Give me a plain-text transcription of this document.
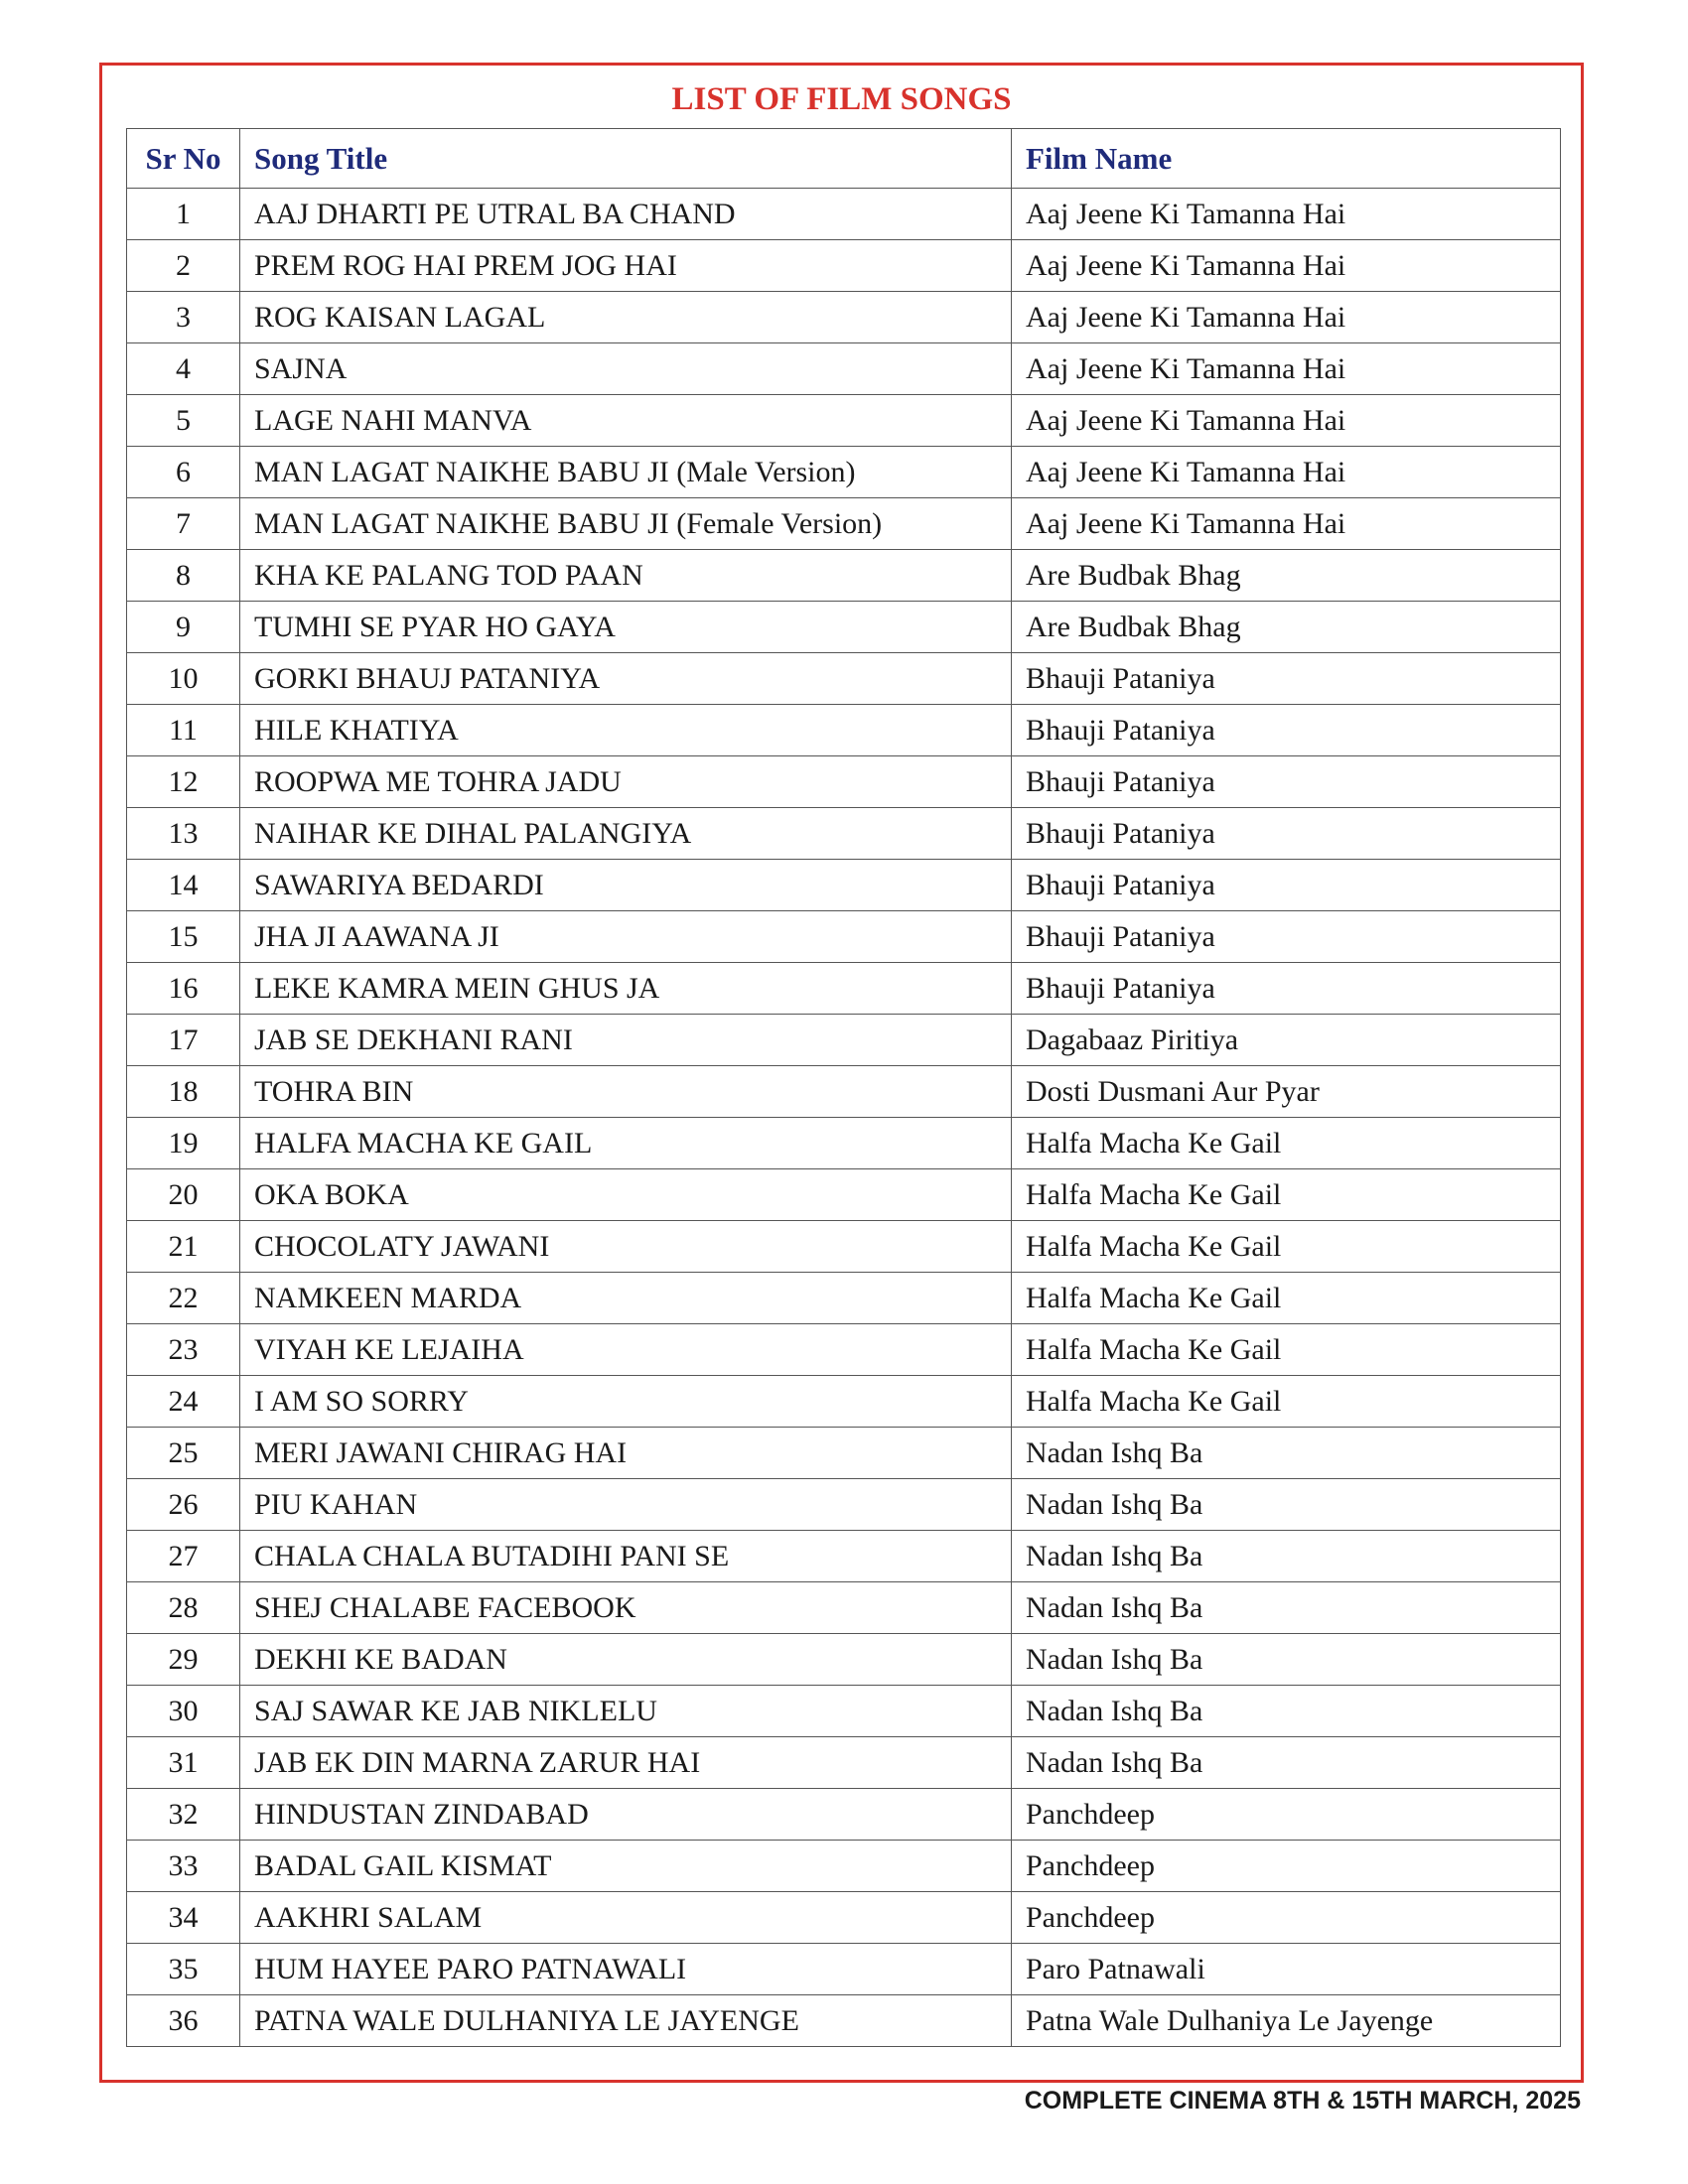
LIST OF FILM SONGS
Sr No	Song Title	Film Name
1	AAJ DHARTI PE UTRAL BA CHAND	Aaj Jeene Ki Tamanna Hai
2	PREM ROG HAI PREM JOG HAI	Aaj Jeene Ki Tamanna Hai
3	ROG KAISAN LAGAL	Aaj Jeene Ki Tamanna Hai
4	SAJNA	Aaj Jeene Ki Tamanna Hai
5	LAGE NAHI MANVA	Aaj Jeene Ki Tamanna Hai
6	MAN LAGAT NAIKHE BABU JI (Male Version)	Aaj Jeene Ki Tamanna Hai
7	MAN LAGAT NAIKHE BABU JI (Female Version)	Aaj Jeene Ki Tamanna Hai
8	KHA KE PALANG TOD PAAN	Are Budbak Bhag
9	TUMHI SE PYAR HO GAYA	Are Budbak Bhag
10	GORKI BHAUJ PATANIYA	Bhauji Pataniya
11	HILE KHATIYA	Bhauji Pataniya
12	ROOPWA ME TOHRA JADU	Bhauji Pataniya
13	NAIHAR KE DIHAL PALANGIYA	Bhauji Pataniya
14	SAWARIYA BEDARDI	Bhauji Pataniya
15	JHA JI AAWANA JI	Bhauji Pataniya
16	LEKE KAMRA MEIN GHUS JA	Bhauji Pataniya
17	JAB SE DEKHANI RANI	Dagabaaz Piritiya
18	TOHRA BIN	Dosti Dusmani Aur Pyar
19	HALFA MACHA KE GAIL	Halfa Macha Ke Gail
20	OKA BOKA	Halfa Macha Ke Gail
21	CHOCOLATY JAWANI	Halfa Macha Ke Gail
22	NAMKEEN MARDA	Halfa Macha Ke Gail
23	VIYAH KE LEJAIHA	Halfa Macha Ke Gail
24	I AM SO SORRY	Halfa Macha Ke Gail
25	MERI JAWANI CHIRAG HAI	Nadan Ishq Ba
26	PIU KAHAN	Nadan Ishq Ba
27	CHALA CHALA BUTADIHI PANI SE	Nadan Ishq Ba
28	SHEJ CHALABE FACEBOOK	Nadan Ishq Ba
29	DEKHI KE BADAN	Nadan Ishq Ba
30	SAJ SAWAR KE JAB NIKLELU	Nadan Ishq Ba
31	JAB EK DIN MARNA ZARUR HAI	Nadan Ishq Ba
32	HINDUSTAN ZINDABAD	Panchdeep
33	BADAL GAIL KISMAT	Panchdeep
34	AAKHRI SALAM	Panchdeep
35	HUM HAYEE PARO PATNAWALI	Paro Patnawali
36	PATNA WALE DULHANIYA LE JAYENGE	Patna Wale Dulhaniya Le Jayenge
COMPLETE CINEMA 8TH & 15TH MARCH, 2025
